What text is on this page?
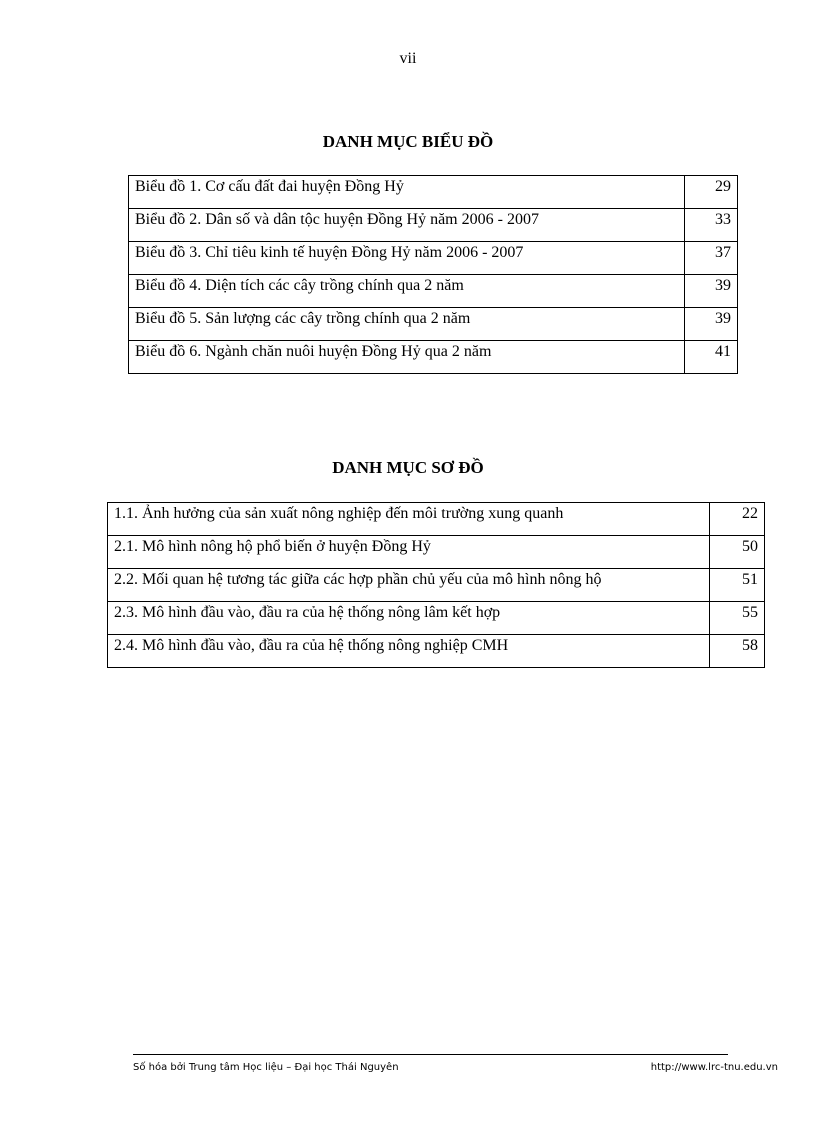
vii
DANH MỤC BIỂU ĐỒ
Biểu đồ 1. Cơ cấu đất đai huyện Đồng Hỷ	29
Biểu đồ 2. Dân số và dân tộc huyện Đồng Hỷ năm 2006 - 2007	33
Biểu đồ 3. Chỉ tiêu kinh tế huyện Đồng Hỷ năm 2006 - 2007	37
Biểu đồ 4. Diện tích các cây trồng chính qua 2 năm	39
Biểu đồ 5. Sản lượng các cây trồng chính qua 2 năm	39
Biểu đồ 6. Ngành chăn nuôi huyện Đồng Hỷ qua 2 năm	41
DANH MỤC SƠ ĐỒ
1.1. Ảnh hưởng của sản xuất nông nghiệp đến môi trường xung quanh	22
2.1. Mô hình nông hộ phổ biến ở huyện Đồng Hỷ	50
2.2. Mối quan hệ tương tác giữa các hợp phần chủ yếu của mô hình nông hộ	51
2.3. Mô hình đầu vào, đầu ra của hệ thống nông lâm kết hợp	55
2.4. Mô hình đầu vào, đầu ra của hệ thống nông nghiệp CMH	58
Số hóa bởi Trung tâm Học liệu – Đại học Thái Nguyên	http://www.lrc-tnu.edu.vn
